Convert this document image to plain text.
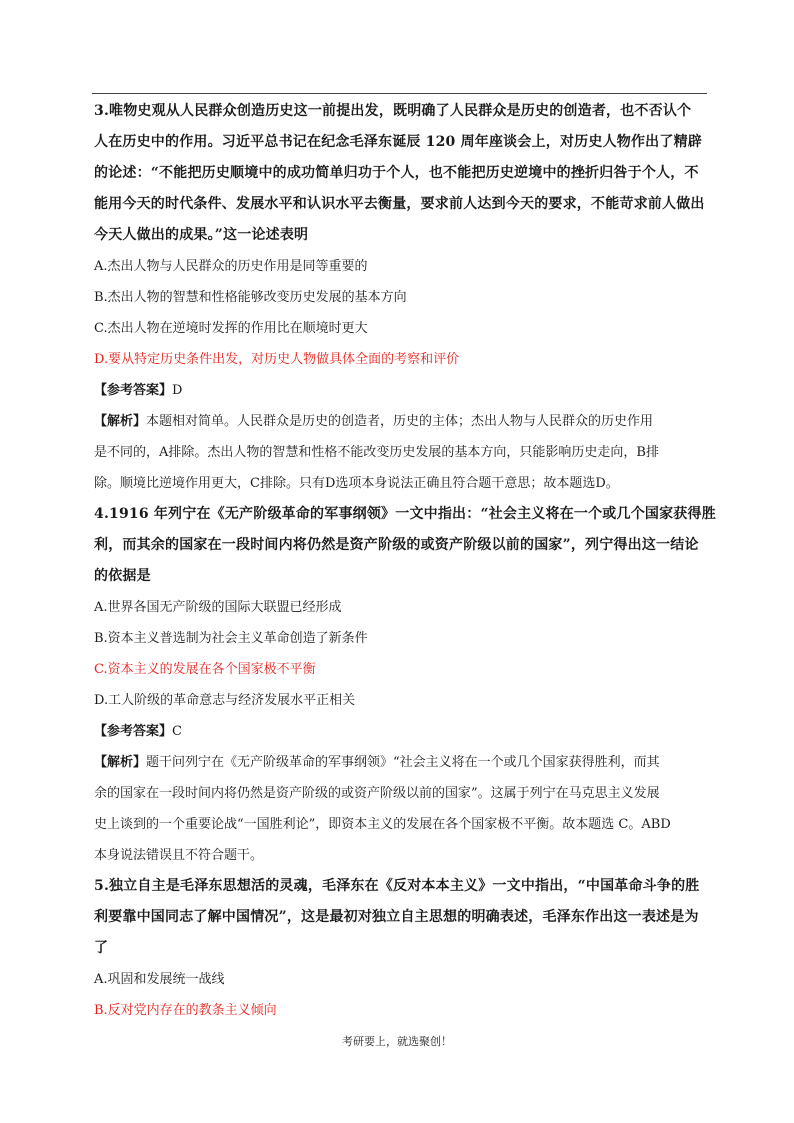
3.唯物史观从人民群众创造历史这一前提出发，既明确了人民群众是历史的创造者，也不否认个
人在历史中的作用。习近平总书记在纪念毛泽东诞辰 120 周年座谈会上，对历史人物作出了精辟
的论述：“不能把历史顺境中的成功简单归功于个人，也不能把历史逆境中的挫折归咎于个人，不
能用今天的时代条件、发展水平和认识水平去衡量，要求前人达到今天的要求，不能苛求前人做出
今天人做出的成果。”这一论述表明

A.杰出人物与人民群众的历史作用是同等重要的

B.杰出人物的智慧和性格能够改变历史发展的基本方向

C.杰出人物在逆境时发挥的作用比在顺境时更大

D.要从特定历史条件出发，对历史人物做具体全面的考察和评价

【参考答案】D

【解析】本题相对简单。人民群众是历史的创造者，历史的主体；杰出人物与人民群众的历史作用
是不同的，A排除。杰出人物的智慧和性格不能改变历史发展的基本方向，只能影响历史走向，B排
除。顺境比逆境作用更大，C排除。只有D选项本身说法正确且符合题干意思；故本题选D。

4.1916 年列宁在《无产阶级革命的军事纲领》一文中指出：“社会主义将在一个或几个国家获得胜
利，而其余的国家在一段时间内将仍然是资产阶级的或资产阶级以前的国家”，列宁得出这一结论
的依据是

A.世界各国无产阶级的国际大联盟已经形成

B.资本主义普选制为社会主义革命创造了新条件

C.资本主义的发展在各个国家极不平衡

D.工人阶级的革命意志与经济发展水平正相关

【参考答案】C

【解析】题干问列宁在《无产阶级革命的军事纲领》“社会主义将在一个或几个国家获得胜利，而其
余的国家在一段时间内将仍然是资产阶级的或资产阶级以前的国家”。这属于列宁在马克思主义发展
史上谈到的一个重要论战“一国胜利论”，即资本主义的发展在各个国家极不平衡。故本题选 C。ABD
本身说法错误且不符合题干。

5.独立自主是毛泽东思想活的灵魂，毛泽东在《反对本本主义》一文中指出，“中国革命斗争的胜
利要靠中国同志了解中国情况”，这是最初对独立自主思想的明确表述，毛泽东作出这一表述是为
了

A.巩固和发展统一战线

B.反对党内存在的教条主义倾向

考研要上，就选聚创！
